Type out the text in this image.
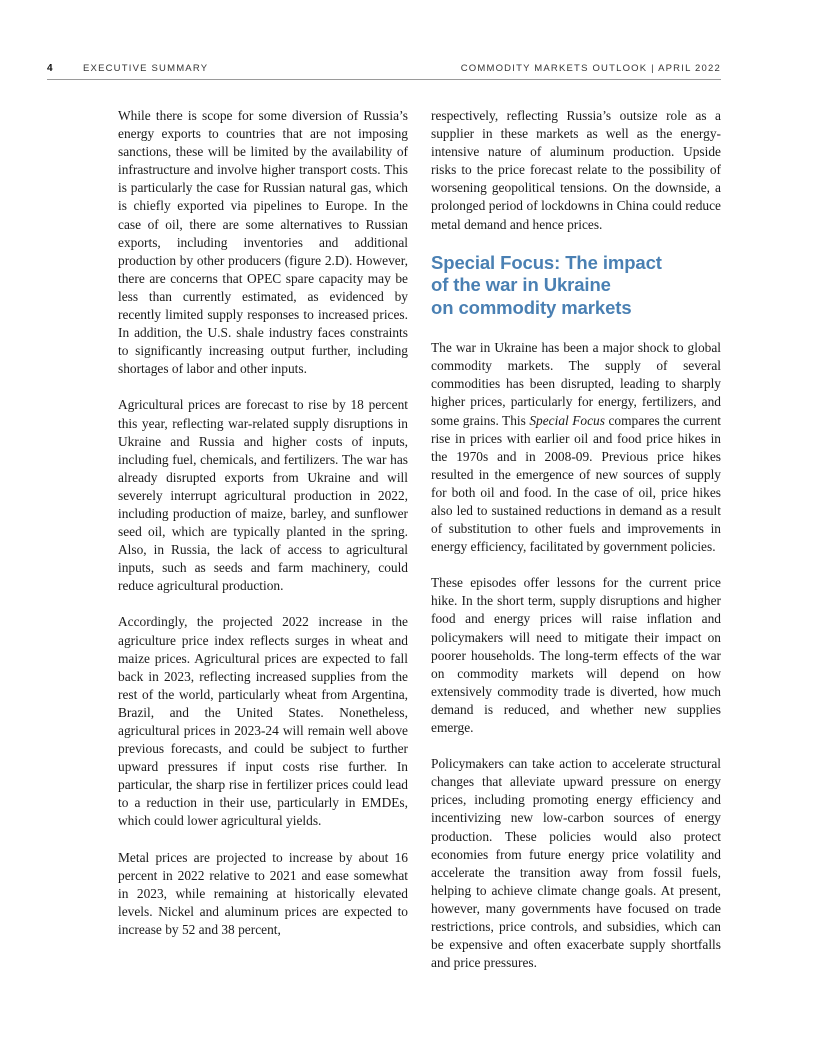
4	EXECUTIVE SUMMARY	COMMODITY MARKETS OUTLOOK | APRIL 2022

While there is scope for some diversion of Russia’s energy exports to countries that are not imposing sanctions, these will be limited by the availability of infrastructure and involve higher transport costs. This is particularly the case for Russian natural gas, which is chiefly exported via pipelines to Europe. In the case of oil, there are some alternatives to Russian exports, including inventories and additional production by other producers (figure 2.D). However, there are concerns that OPEC spare capacity may be less than currently estimated, as evidenced by recently limited supply responses to increased prices. In addition, the U.S. shale industry faces constraints to significantly increasing output further, including shortages of labor and other inputs.

Agricultural prices are forecast to rise by 18 percent this year, reflecting war-related supply disruptions in Ukraine and Russia and higher costs of inputs, including fuel, chemicals, and fertilizers. The war has already disrupted exports from Ukraine and will severely interrupt agricultural production in 2022, including production of maize, barley, and sunflower seed oil, which are typically planted in the spring. Also, in Russia, the lack of access to agricultural inputs, such as seeds and farm machinery, could reduce agricultural production.

Accordingly, the projected 2022 increase in the agriculture price index reflects surges in wheat and maize prices. Agricultural prices are expected to fall back in 2023, reflecting increased supplies from the rest of the world, particularly wheat from Argentina, Brazil, and the United States. Nonetheless, agricultural prices in 2023-24 will remain well above previous forecasts, and could be subject to further upward pressures if input costs rise further. In particular, the sharp rise in fertilizer prices could lead to a reduction in their use, particularly in EMDEs, which could lower agricultural yields.

Metal prices are projected to increase by about 16 percent in 2022 relative to 2021 and ease somewhat in 2023, while remaining at historically elevated levels. Nickel and aluminum prices are expected to increase by 52 and 38 percent,

respectively, reflecting Russia’s outsize role as a supplier in these markets as well as the energy-intensive nature of aluminum production. Upside risks to the price forecast relate to the possibility of worsening geopolitical tensions. On the downside, a prolonged period of lockdowns in China could reduce metal demand and hence prices.

Special Focus: The impact
of the war in Ukraine
on commodity markets

The war in Ukraine has been a major shock to global commodity markets. The supply of several commodities has been disrupted, leading to sharply higher prices, particularly for energy, fertilizers, and some grains. This Special Focus compares the current rise in prices with earlier oil and food price hikes in the 1970s and in 2008-09. Previous price hikes resulted in the emergence of new sources of supply for both oil and food. In the case of oil, price hikes also led to sustained reductions in demand as a result of substitution to other fuels and improvements in energy efficiency, facilitated by government policies.

These episodes offer lessons for the current price hike. In the short term, supply disruptions and higher food and energy prices will raise inflation and policymakers will need to mitigate their impact on poorer households. The long-term effects of the war on commodity markets will depend on how extensively commodity trade is diverted, how much demand is reduced, and whether new supplies emerge.

Policymakers can take action to accelerate structural changes that alleviate upward pressure on energy prices, including promoting energy efficiency and incentivizing new low-carbon sources of energy production. These policies would also protect economies from future energy price volatility and accelerate the transition away from fossil fuels, helping to achieve climate change goals. At present, however, many governments have focused on trade restrictions, price controls, and subsidies, which can be expensive and often exacerbate supply shortfalls and price pressures.
